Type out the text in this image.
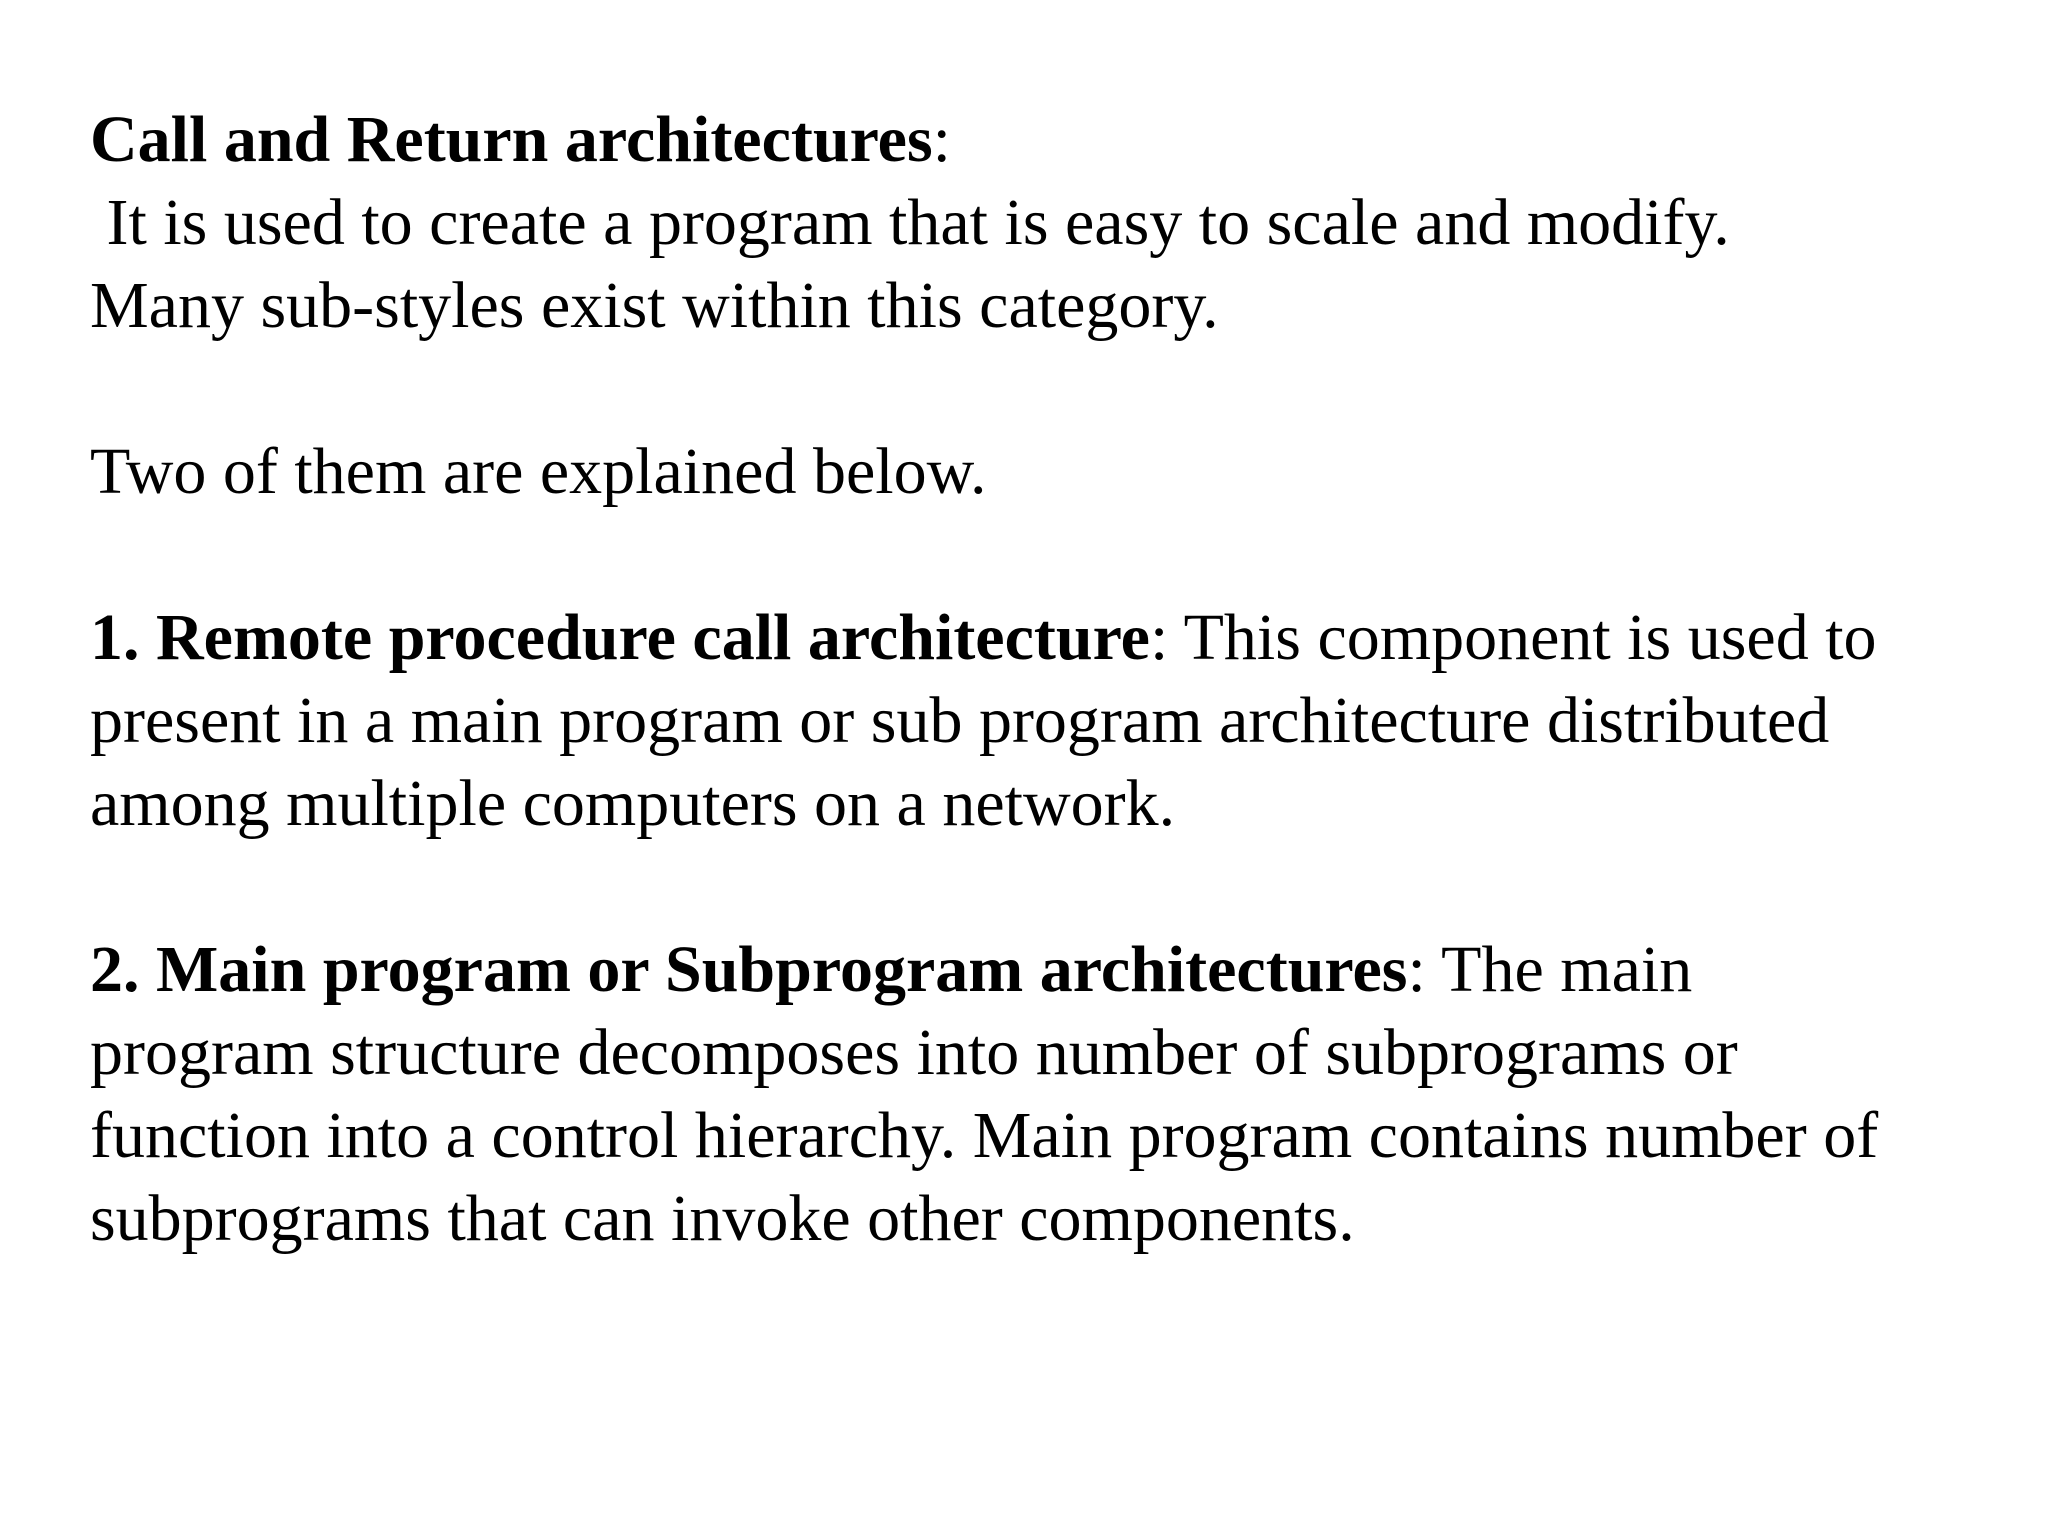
Call and Return architectures:
It is used to create a program that is easy to scale and modify.
Many sub-styles exist within this category.

Two of them are explained below.

1. Remote procedure call architecture: This component is used to
present in a main program or sub program architecture distributed
among multiple computers on a network.

2. Main program or Subprogram architectures: The main
program structure decomposes into number of subprograms or
function into a control hierarchy. Main program contains number of
subprograms that can invoke other components.
